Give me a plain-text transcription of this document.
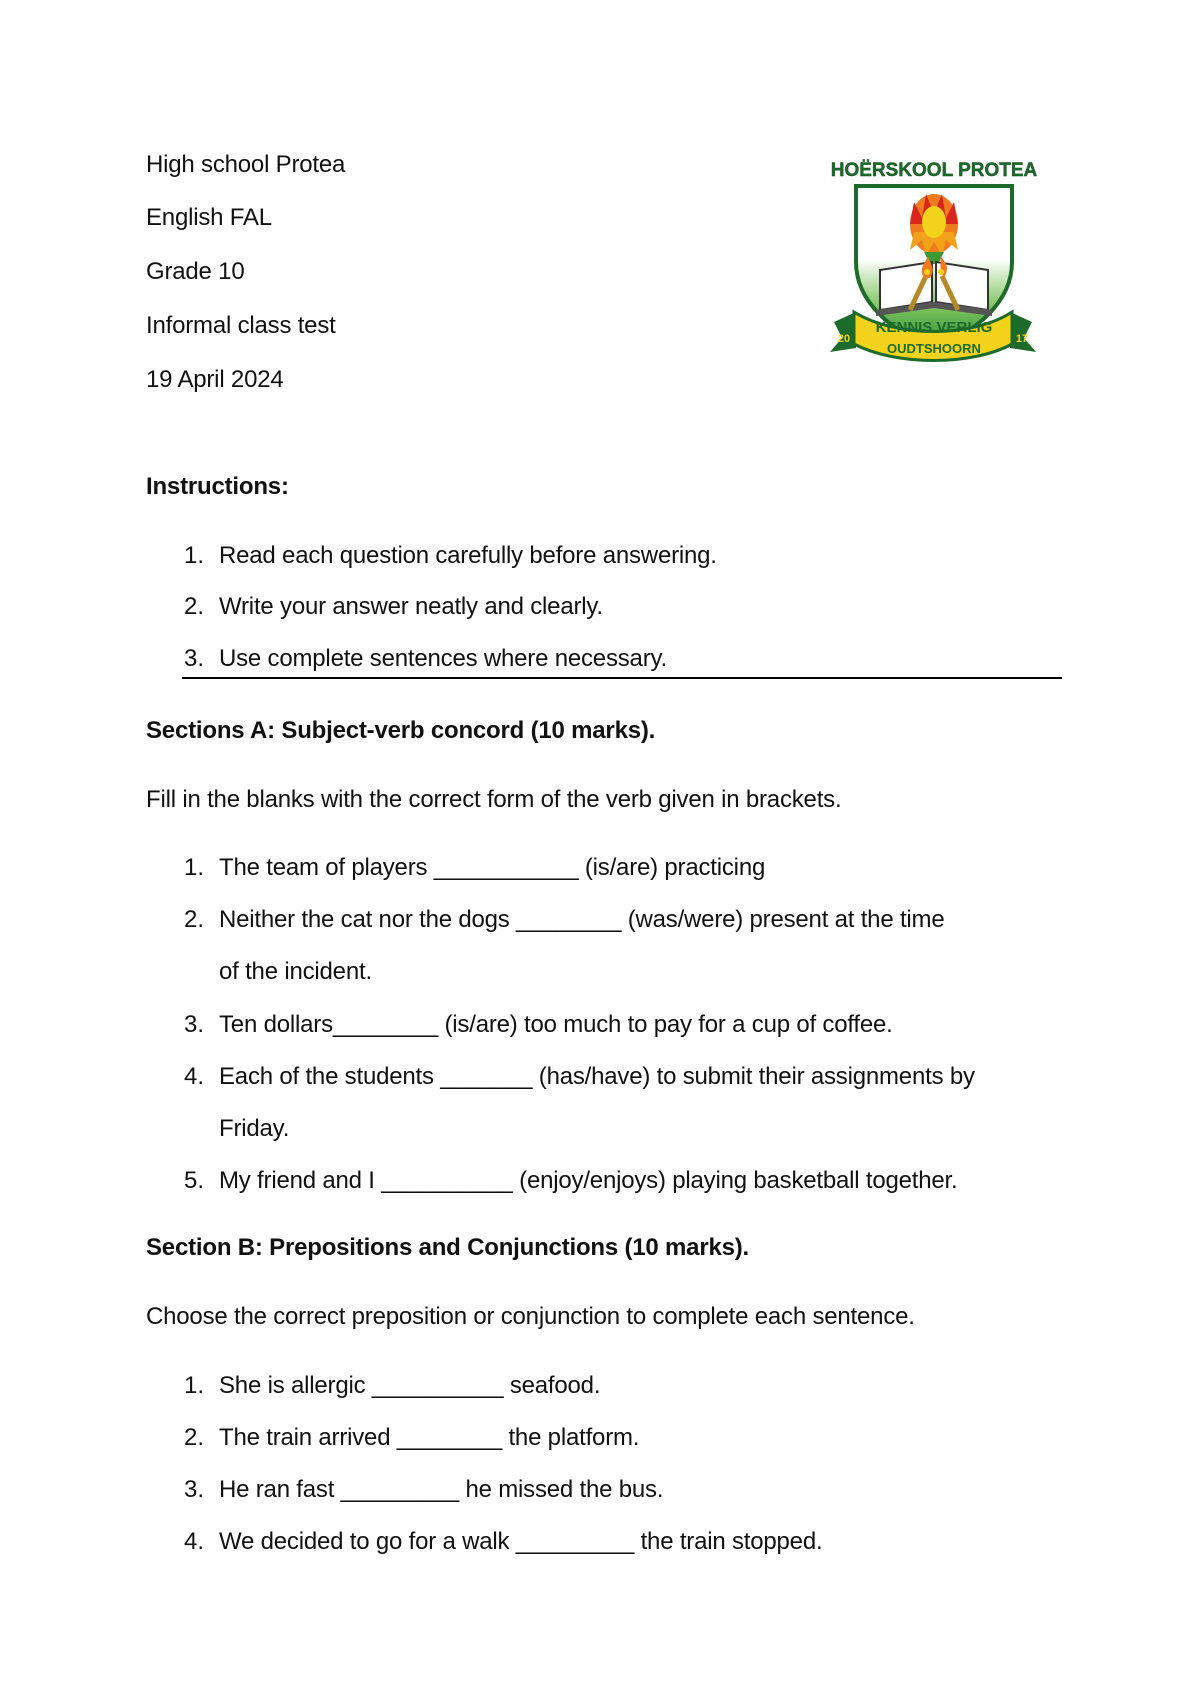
High school Protea
English FAL
Grade 10
Informal class test
19 April 2024
HOËRSKOOL PROTEA
KENNIS VERLIG
OUDTSHOORN
20	17
Instructions:
1. Read each question carefully before answering.
2. Write your answer neatly and clearly.
3. Use complete sentences where necessary.
Sections A: Subject-verb concord (10 marks).
Fill in the blanks with the correct form of the verb given in brackets.
1. The team of players ___________ (is/are) practicing
2. Neither the cat nor the dogs ________ (was/were) present at the time
of the incident.
3. Ten dollars________ (is/are) too much to pay for a cup of coffee.
4. Each of the students _______ (has/have) to submit their assignments by
Friday.
5. My friend and I __________ (enjoy/enjoys) playing basketball together.
Section B: Prepositions and Conjunctions (10 marks).
Choose the correct preposition or conjunction to complete each sentence.
1. She is allergic __________ seafood.
2. The train arrived ________ the platform.
3. He ran fast _________ he missed the bus.
4. We decided to go for a walk _________ the train stopped.
